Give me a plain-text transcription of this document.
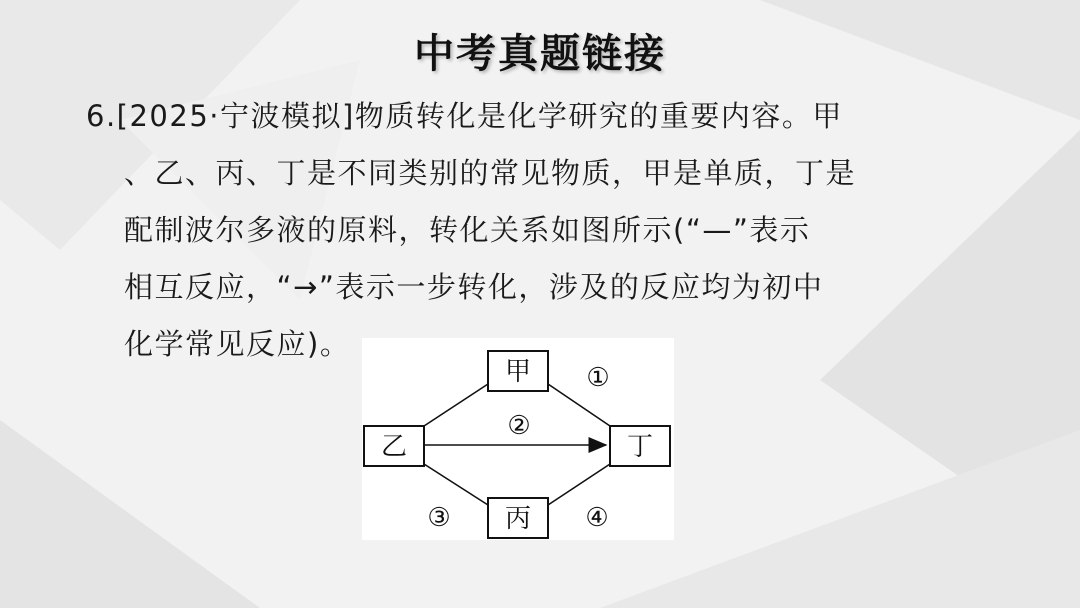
中考真题链接
6.[2025·宁波模拟]物质转化是化学研究的重要内容。甲
、乙、丙、丁是不同类别的常见物质，甲是单质，丁是
配制波尔多液的原料，转化关系如图所示(“—”表示
相互反应，“→”表示一步转化，涉及的反应均为初中
化学常见反应)。
甲
乙	丁
丙
①
②
③	④
